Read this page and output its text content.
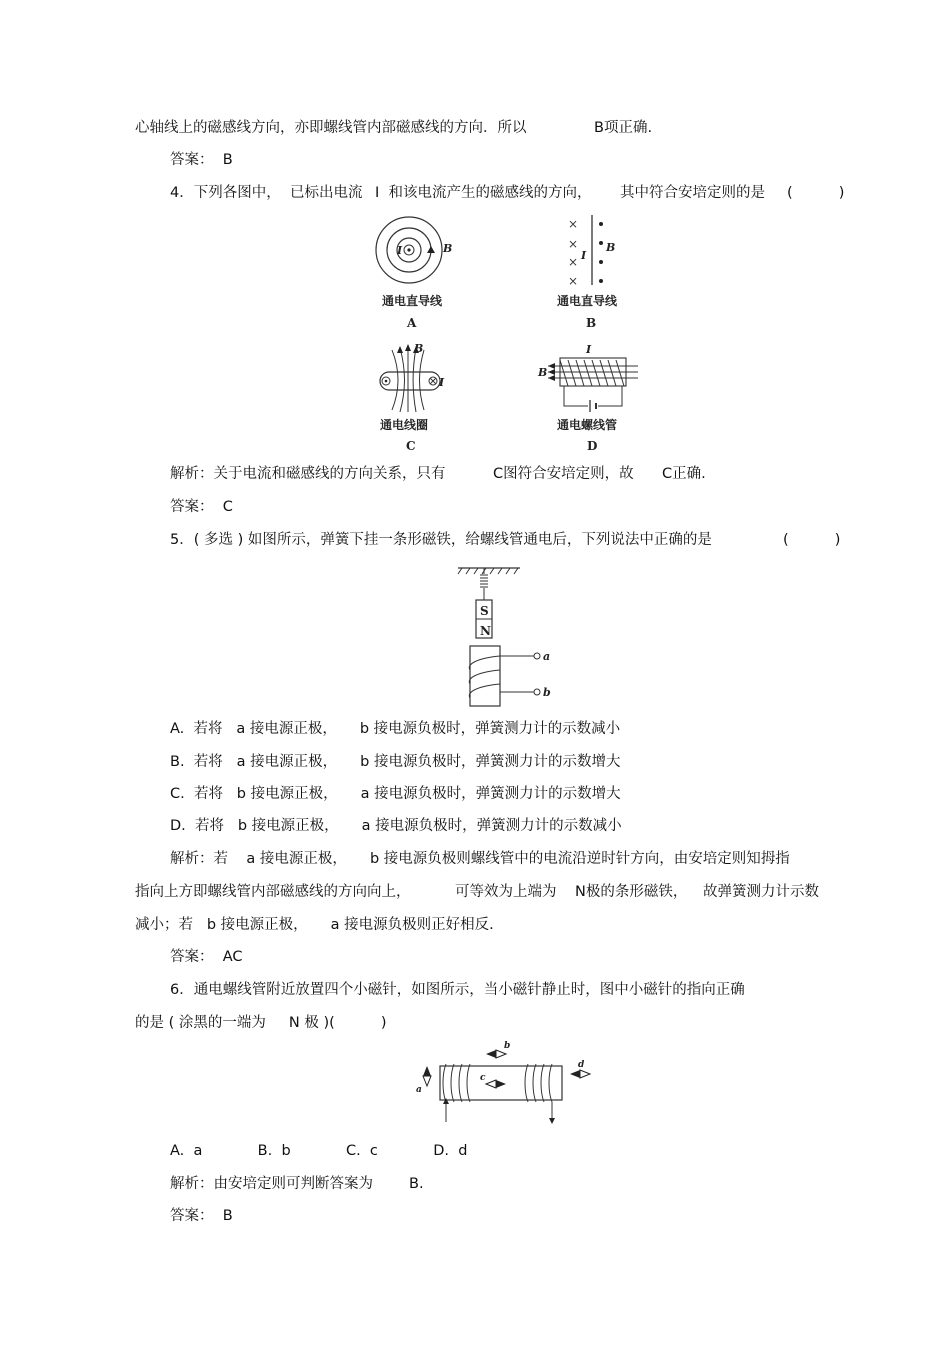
心轴线上的磁感线方向，亦即螺线管内部磁感线的方向．所以	B项正确.
答案：  B
4．下列各图中，  已标出电流 I  和该电流产生的磁感线的方向， 其中符合安培定则的是 (          )
I	B
通电直导线
A
×
×
×
×
I
B
通电直导线
B
B
I
通电线圈
C
I
B
通电螺线管
D
解析：关于电流和磁感线的方向关系，只有	C图符合安培定则，故 C正确.
答案：  C
5．( 多选 ) 如图所示，弹簧下挂一条形磁铁，给螺线管通电后，下列说法中正确的是	(          )
S
N
a
b
A.  若将   a 接电源正极，     b 接电源负极时，弹簧测力计的示数减小
B.  若将   a 接电源正极，     b 接电源负极时，弹簧测力计的示数增大
C.  若将   b 接电源正极，     a 接电源负极时，弹簧测力计的示数增大
D.  若将   b 接电源正极，     a 接电源负极时，弹簧测力计的示数减小
解析：若    a 接电源正极，     b 接电源负极则螺线管中的电流沿逆时针方向，由安培定则知拇指
指向上方即螺线管内部磁感线的方向向上，	可等效为上端为 N极的条形磁铁， 故弹簧测力计示数
减小；若   b 接电源正极，     a 接电源负极则正好相反.
答案：  AC
6．通电螺线管附近放置四个小磁针，如图所示，当小磁针静止时，图中小磁针的指向正确
的是 ( 涂黑的一端为     N 极 )(          )
a
b
c
d
A.  a            B.  b            C.  c            D.  d
解析：由安培定则可判断答案为 B.
答案：  B
